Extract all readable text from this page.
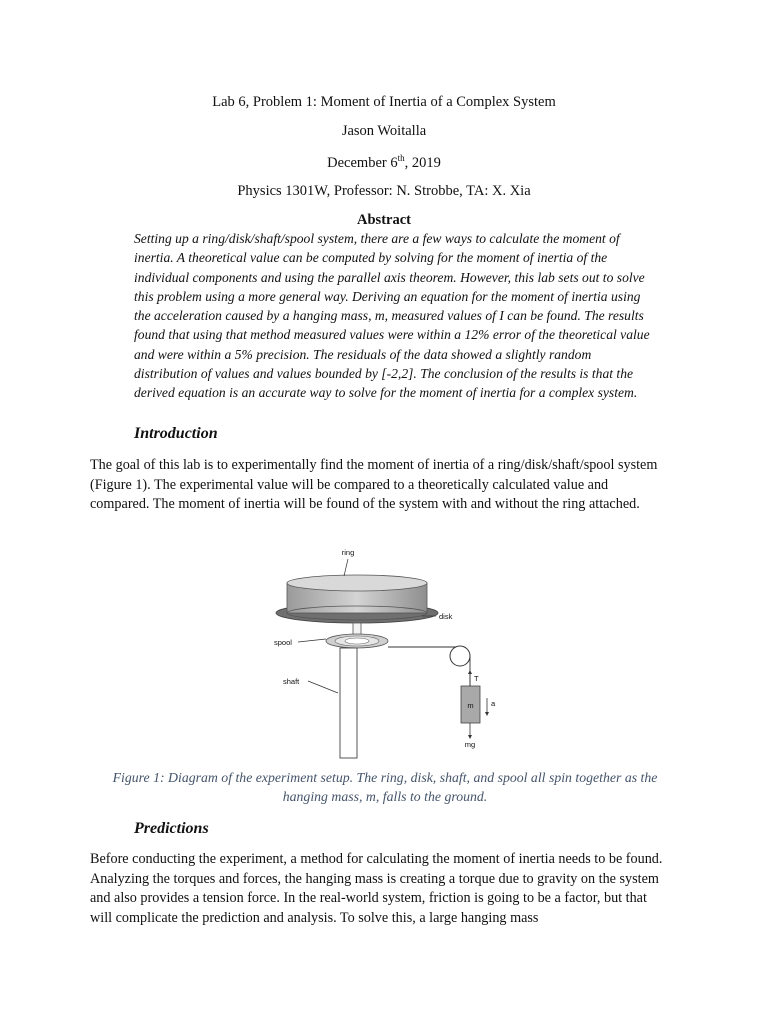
Lab 6, Problem 1: Moment of Inertia of a Complex System
Jason Woitalla
December 6th, 2019
Physics 1301W, Professor: N. Strobbe, TA: X. Xia
Abstract
Setting up a ring/disk/shaft/spool system, there are a few ways to calculate the moment of inertia. A theoretical value can be computed by solving for the moment of inertia of the individual components and using the parallel axis theorem. However, this lab sets out to solve this problem using a more general way. Deriving an equation for the moment of inertia using the acceleration caused by a hanging mass, m, measured values of I can be found. The results found that using that method measured values were within a 12% error of the theoretical value and were within a 5% precision. The residuals of the data showed a slightly random distribution of values and values bounded by [-2,2]. The conclusion of the results is that the derived equation is an accurate way to solve for the moment of inertia for a complex system.
Introduction
The goal of this lab is to experimentally find the moment of inertia of a ring/disk/shaft/spool system (Figure 1). The experimental value will be compared to a theoretically calculated value and compared. The moment of inertia will be found of the system with and without the ring attached.
m
T
a
mg
ring
disk
spool
shaft
Figure 1: Diagram of the experiment setup. The ring, disk, shaft, and spool all spin together as the hanging mass, m, falls to the ground.
Predictions
Before conducting the experiment, a method for calculating the moment of inertia needs to be found. Analyzing the torques and forces, the hanging mass is creating a torque due to gravity on the system and also provides a tension force. In the real-world system, friction is going to be a factor, but that will complicate the prediction and analysis. To solve this, a large hanging mass
